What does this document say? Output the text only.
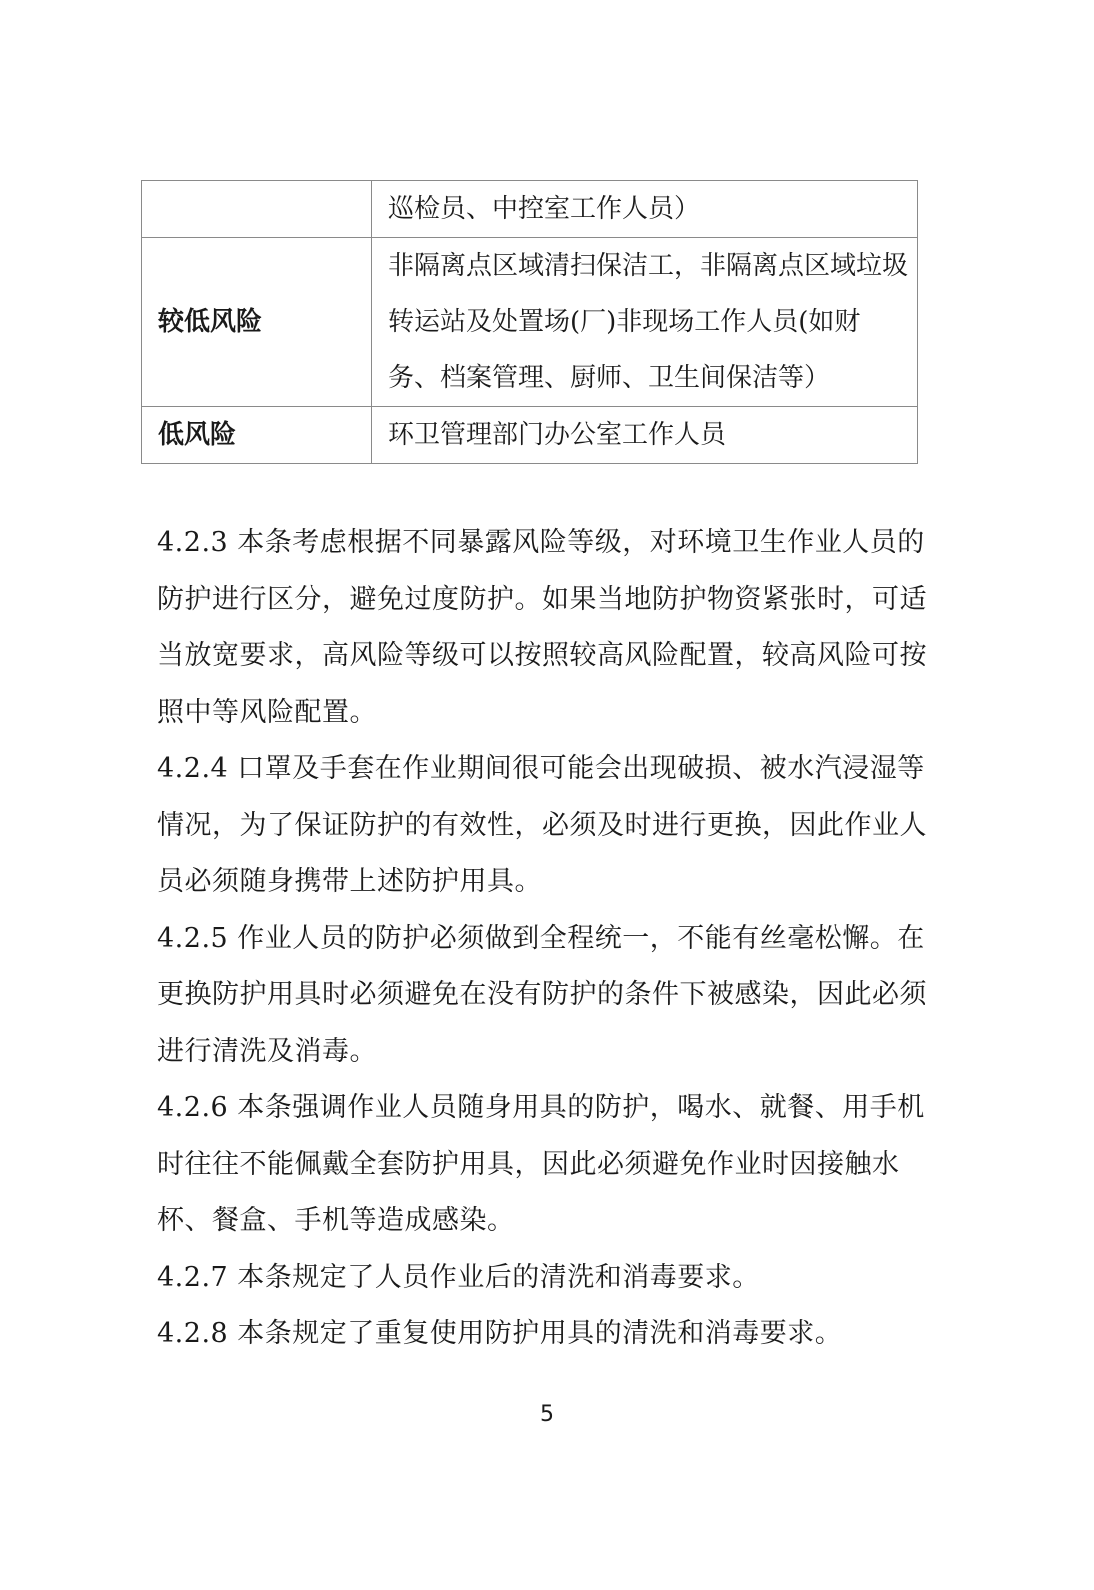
	巡检员、中控室工作人员）
较低风险	非隔离点区域清扫保洁工，非隔离点区域垃圾转运站及处置场(厂)非现场工作人员(如财务、档案管理、厨师、卫生间保洁等）
低风险	环卫管理部门办公室工作人员

4.2.3 本条考虑根据不同暴露风险等级，对环境卫生作业人员的防护进行区分，避免过度防护。如果当地防护物资紧张时，可适当放宽要求，高风险等级可以按照较高风险配置，较高风险可按照中等风险配置。

4.2.4 口罩及手套在作业期间很可能会出现破损、被水汽浸湿等情况，为了保证防护的有效性，必须及时进行更换，因此作业人员必须随身携带上述防护用具。

4.2.5 作业人员的防护必须做到全程统一，不能有丝毫松懈。在更换防护用具时必须避免在没有防护的条件下被感染，因此必须进行清洗及消毒。

4.2.6 本条强调作业人员随身用具的防护，喝水、就餐、用手机时往往不能佩戴全套防护用具，因此必须避免作业时因接触水杯、餐盒、手机等造成感染。

4.2.7 本条规定了人员作业后的清洗和消毒要求。

4.2.8 本条规定了重复使用防护用具的清洗和消毒要求。

5
